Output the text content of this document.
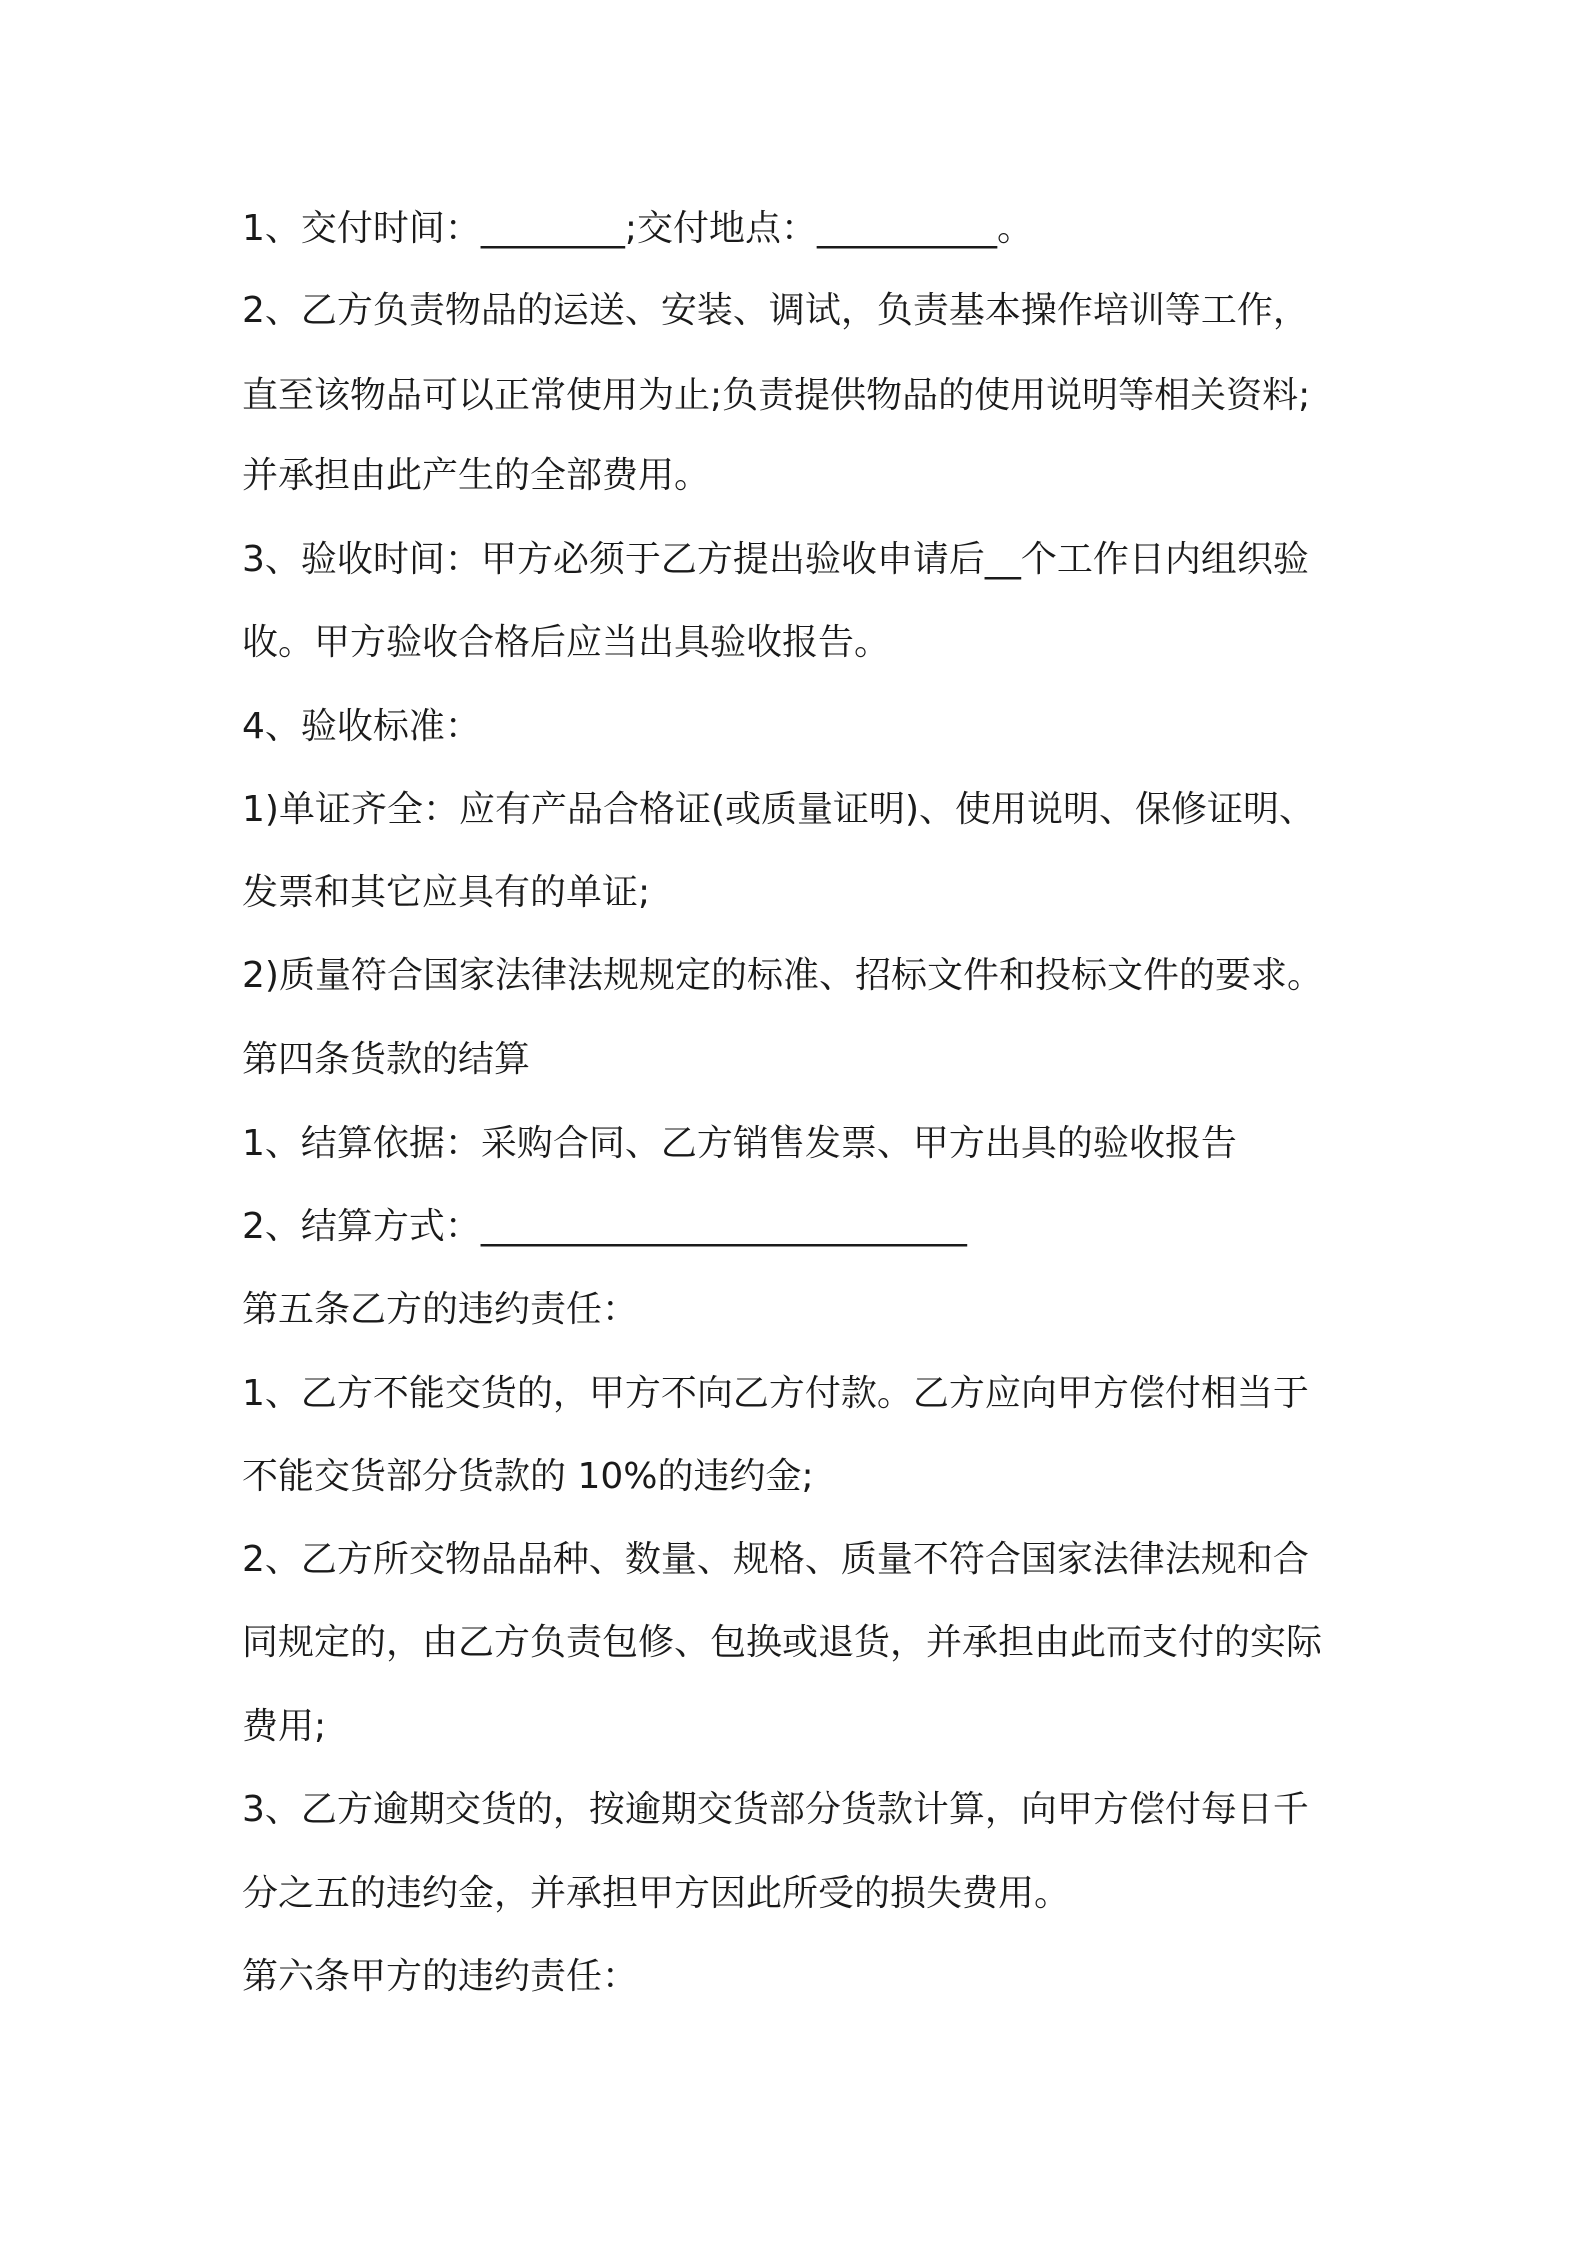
1、交付时间：________;交付地点：__________。
2、乙方负责物品的运送、安装、调试，负责基本操作培训等工作，
直至该物品可以正常使用为止;负责提供物品的使用说明等相关资料;
并承担由此产生的全部费用。
3、验收时间：甲方必须于乙方提出验收申请后__个工作日内组织验
收。甲方验收合格后应当出具验收报告。
4、验收标准：
1)单证齐全：应有产品合格证(或质量证明)、使用说明、保修证明、
发票和其它应具有的单证;
2)质量符合国家法律法规规定的标准、招标文件和投标文件的要求。
第四条货款的结算
1、结算依据：采购合同、乙方销售发票、甲方出具的验收报告
2、结算方式：___________________________
第五条乙方的违约责任：
1、乙方不能交货的，甲方不向乙方付款。乙方应向甲方偿付相当于
不能交货部分货款的 10%的违约金;
2、乙方所交物品品种、数量、规格、质量不符合国家法律法规和合
同规定的，由乙方负责包修、包换或退货，并承担由此而支付的实际
费用;
3、乙方逾期交货的，按逾期交货部分货款计算，向甲方偿付每日千
分之五的违约金，并承担甲方因此所受的损失费用。
第六条甲方的违约责任：
